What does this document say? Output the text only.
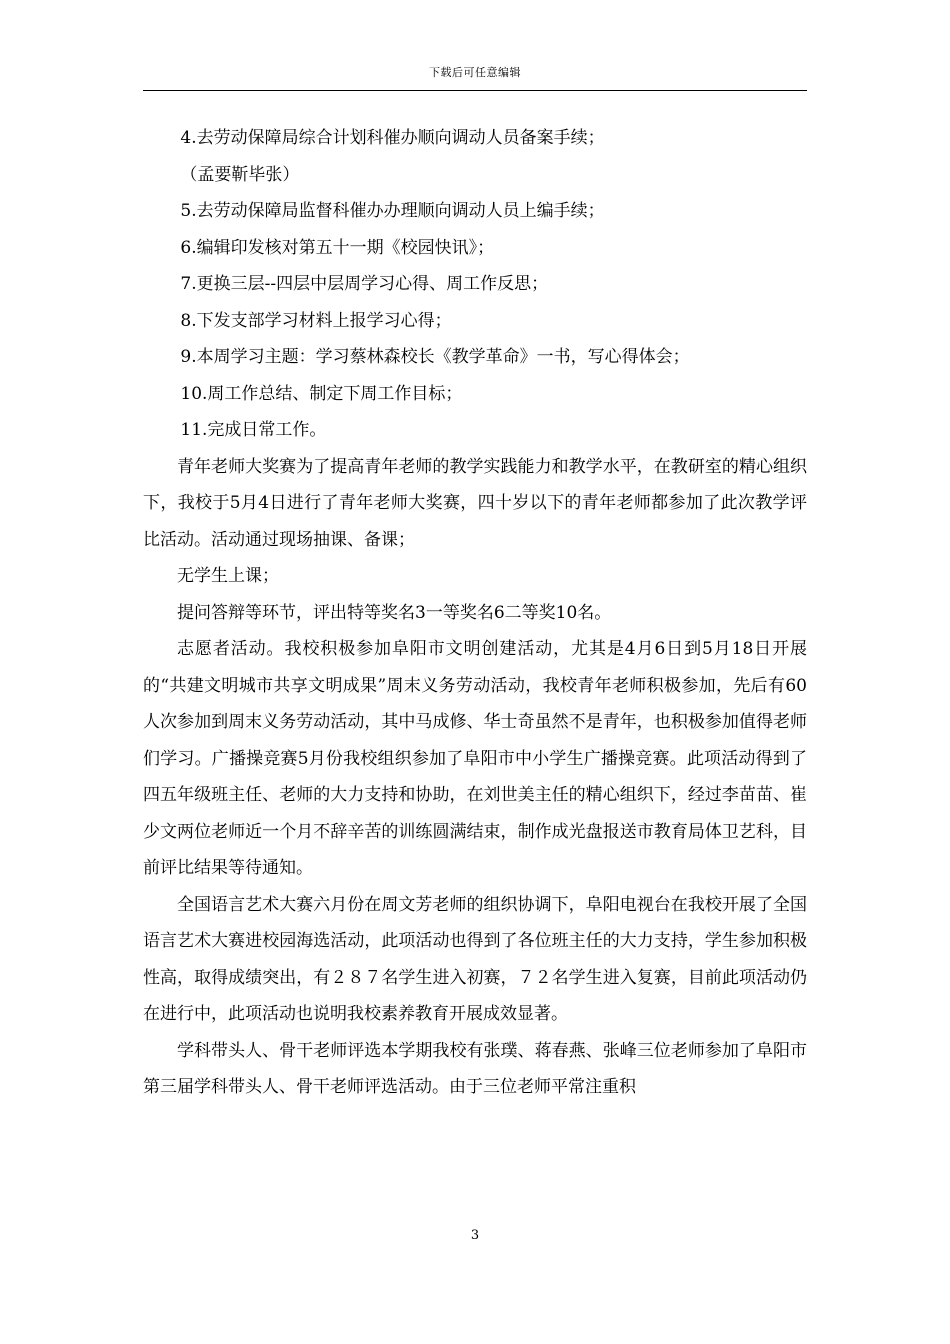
下载后可任意编辑

4.去劳动保障局综合计划科催办顺向调动人员备案手续；

（孟要靳毕张）

5.去劳动保障局监督科催办办理顺向调动人员上编手续；

6.编辑印发核对第五十一期《校园快讯》；

7.更换三层--四层中层周学习心得、周工作反思；

8.下发支部学习材料上报学习心得；

9.本周学习主题：学习蔡林森校长《教学革命》一书，写心得体会；

10.周工作总结、制定下周工作目标；

11.完成日常工作。

青年老师大奖赛为了提高青年老师的教学实践能力和教学水平，在教研室的精心组织下，我校于5月4日进行了青年老师大奖赛，四十岁以下的青年老师都参加了此次教学评比活动。活动通过现场抽课、备课；

无学生上课；

提问答辩等环节，评出特等奖名3一等奖名6二等奖10名。

志愿者活动。我校积极参加阜阳市文明创建活动，尤其是4月6日到5月18日开展的“共建文明城市共享文明成果”周末义务劳动活动，我校青年老师积极参加，先后有60人次参加到周末义务劳动活动，其中马成修、华士奇虽然不是青年，也积极参加值得老师们学习。广播操竞赛5月份我校组织参加了阜阳市中小学生广播操竞赛。此项活动得到了四五年级班主任、老师的大力支持和协助，在刘世美主任的精心组织下，经过李苗苗、崔少文两位老师近一个月不辞辛苦的训练圆满结束，制作成光盘报送市教育局体卫艺科，目前评比结果等待通知。

全国语言艺术大赛六月份在周文芳老师的组织协调下，阜阳电视台在我校开展了全国语言艺术大赛进校园海选活动，此项活动也得到了各位班主任的大力支持，学生参加积极性高，取得成绩突出，有２８７名学生进入初赛，７２名学生进入复赛，目前此项活动仍在进行中，此项活动也说明我校素养教育开展成效显著。

学科带头人、骨干老师评选本学期我校有张璞、蒋春燕、张峰三位老师参加了阜阳市第三届学科带头人、骨干老师评选活动。由于三位老师平常注重积

3
